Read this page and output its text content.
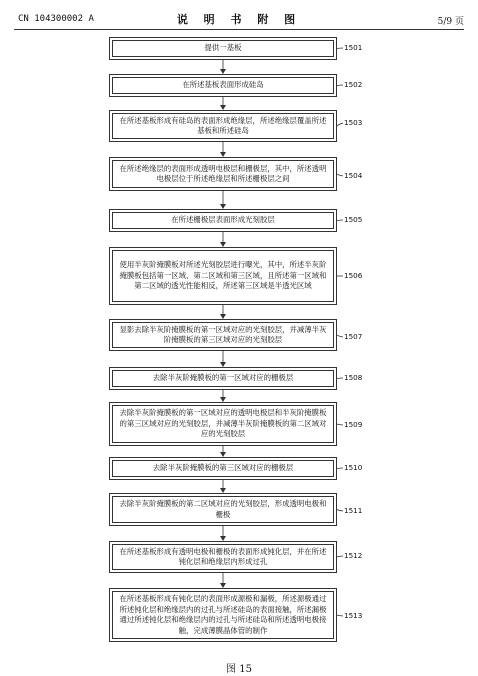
CN 104300002 A	说 明 书 附 图	5/9 页
提供一基板	1501
在所述基板表面形成硅岛	1502
在所述基板形成有硅岛的表面形成绝缘层，所述绝缘层覆盖所述基板和所述硅岛
1503
在所述绝缘层的表面形成透明电极层和栅极层，其中，所述透明电极层位于所述绝缘层和所述栅极层之间	1504
在所述栅极层表面形成光刻胶层	1505
使用半灰阶掩膜板对所述光刻胶层进行曝光，其中，所述半灰阶掩膜板包括第一区域、第二区域和第三区域，且所述第一区域和第二区域的透光性能相反，所述第三区域是半透光区域
1506
显影去除半灰阶掩膜板的第一区域对应的光刻胶层，并减薄半灰阶掩膜板的第三区域对应的光刻胶层	1507
去除半灰阶掩膜板的第一区域对应的栅极层	1508
去除半灰阶掩膜板的第一区域对应的透明电极层和半灰阶掩膜板的第三区域对应的光刻胶层，并减薄半灰阶掩膜板的第二区域对应的光刻胶层
1509
去除半灰阶掩膜板的第三区域对应的栅极层	1510
去除半灰阶掩膜板的第二区域对应的光刻胶层，形成透明电极和栅极	1511
在所述基板形成有透明电极和栅极的表面形成钝化层，并在所述钝化层和绝缘层内形成过孔
1512
在所述基板形成有钝化层的表面形成源极和漏极，所述源极通过所述钝化层和绝缘层内的过孔与所述硅岛的表面接触，所述漏极通过所述钝化层和绝缘层内的过孔与所述硅岛和所述透明电极接触，完成薄膜晶体管的制作
1513
图 15
